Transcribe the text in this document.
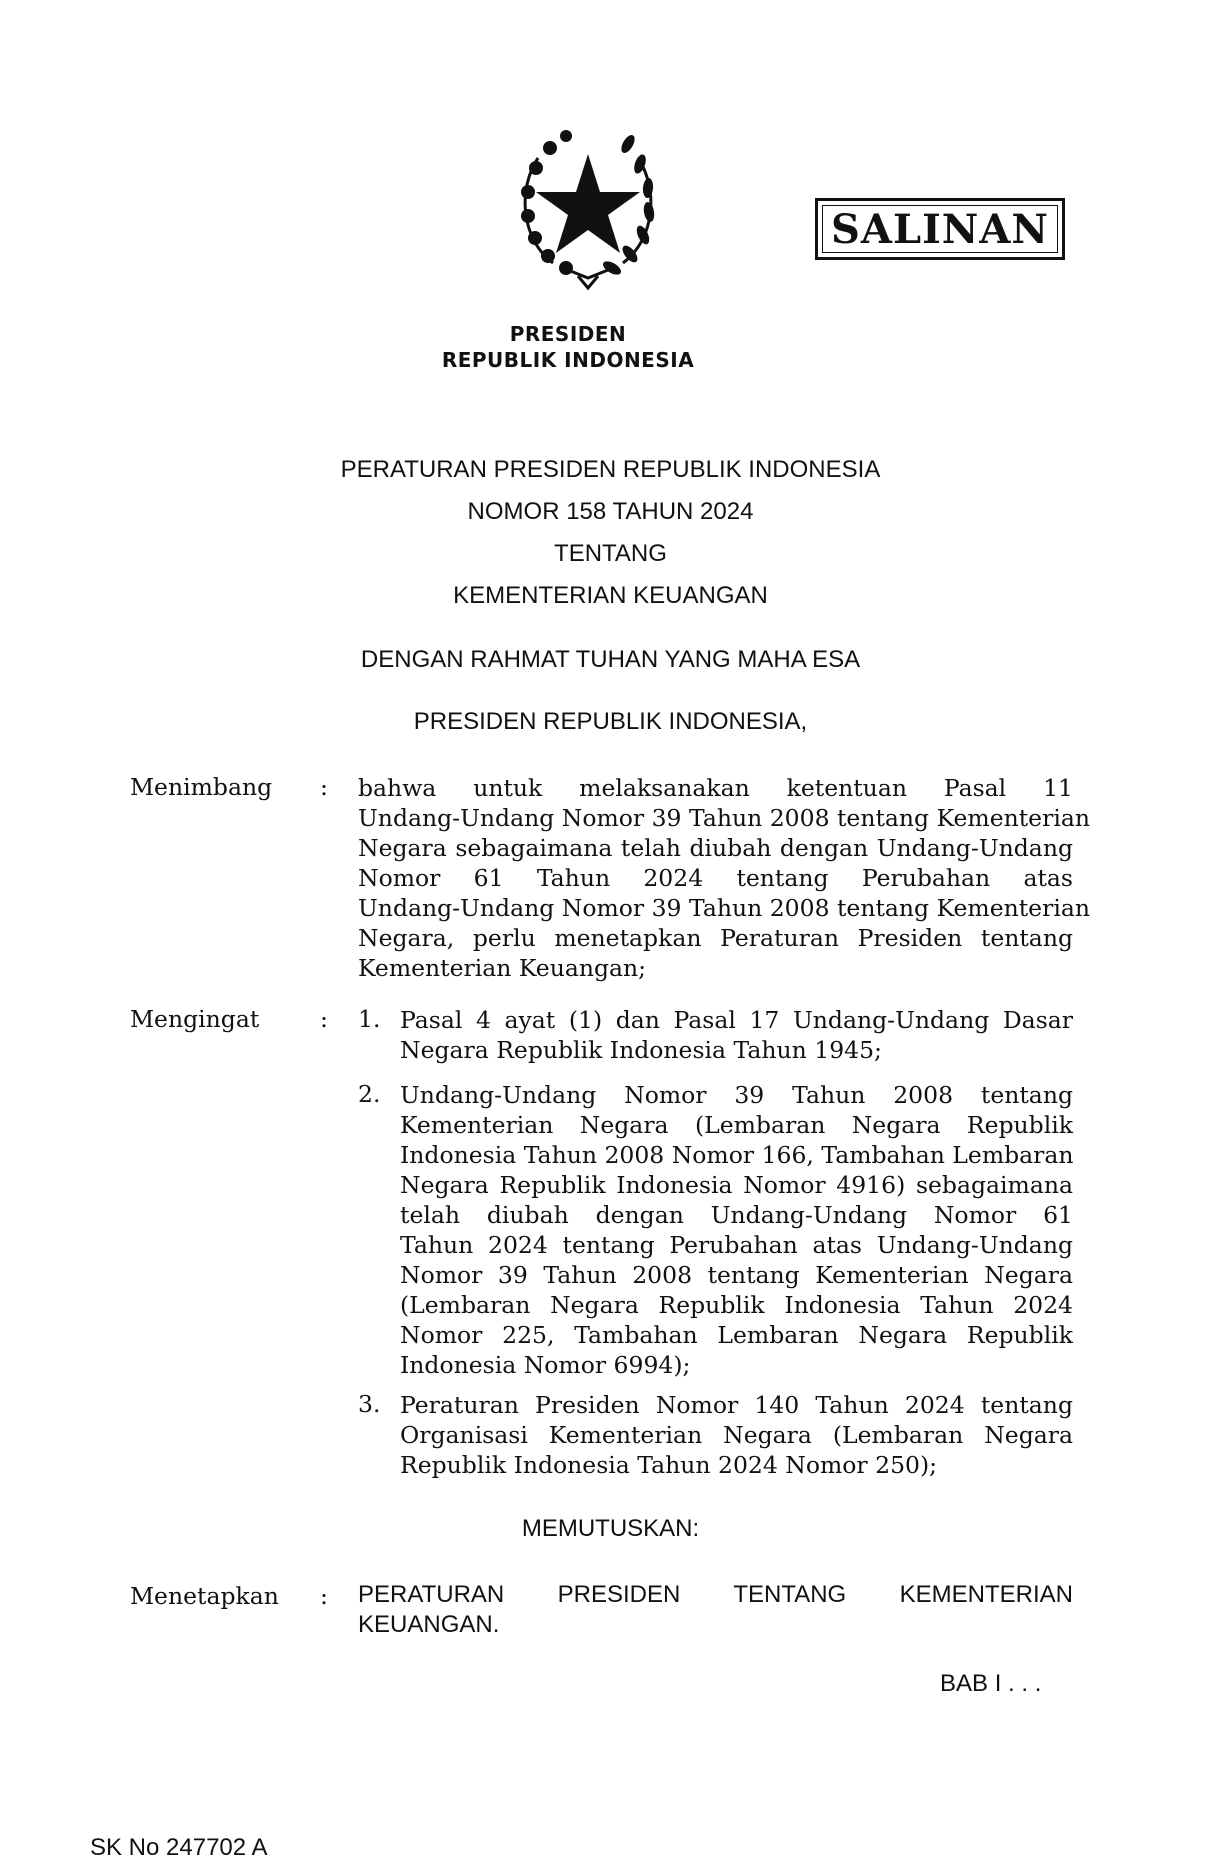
PRESIDEN
REPUBLIK INDONESIA
SALINAN
PERATURAN PRESIDEN REPUBLIK INDONESIA
NOMOR 158 TAHUN 2024
TENTANG
KEMENTERIAN KEUANGAN
DENGAN RAHMAT TUHAN YANG MAHA ESA
PRESIDEN REPUBLIK INDONESIA,
Menimbang : bahwa untuk melaksanakan ketentuan Pasal 11
Undang-Undang Nomor 39 Tahun 2008 tentang Kementerian
Negara sebagaimana telah diubah dengan Undang-Undang
Nomor 61 Tahun 2024 tentang Perubahan atas
Undang-Undang Nomor 39 Tahun 2008 tentang Kementerian
Negara, perlu menetapkan Peraturan Presiden tentang
Kementerian Keuangan;
Mengingat	: 1. Pasal 4 ayat (1) dan Pasal 17 Undang-Undang Dasar
Negara Republik Indonesia Tahun 1945;
2. Undang-Undang Nomor 39 Tahun 2008 tentang
Kementerian Negara (Lembaran Negara Republik
Indonesia Tahun 2008 Nomor 166, Tambahan Lembaran
Negara Republik Indonesia Nomor 4916) sebagaimana
telah diubah dengan Undang-Undang Nomor 61
Tahun 2024 tentang Perubahan atas Undang-Undang
Nomor 39 Tahun 2008 tentang Kementerian Negara
(Lembaran Negara Republik Indonesia Tahun 2024
Nomor 225, Tambahan Lembaran Negara Republik
Indonesia Nomor 6994);
3. Peraturan Presiden Nomor 140 Tahun 2024 tentang
Organisasi Kementerian Negara (Lembaran Negara
Republik Indonesia Tahun 2024 Nomor 250);
MEMUTUSKAN:
Menetapkan : PERATURAN PRESIDEN TENTANG KEMENTERIAN
KEUANGAN.
BAB I . . .
SK No 247702 A
